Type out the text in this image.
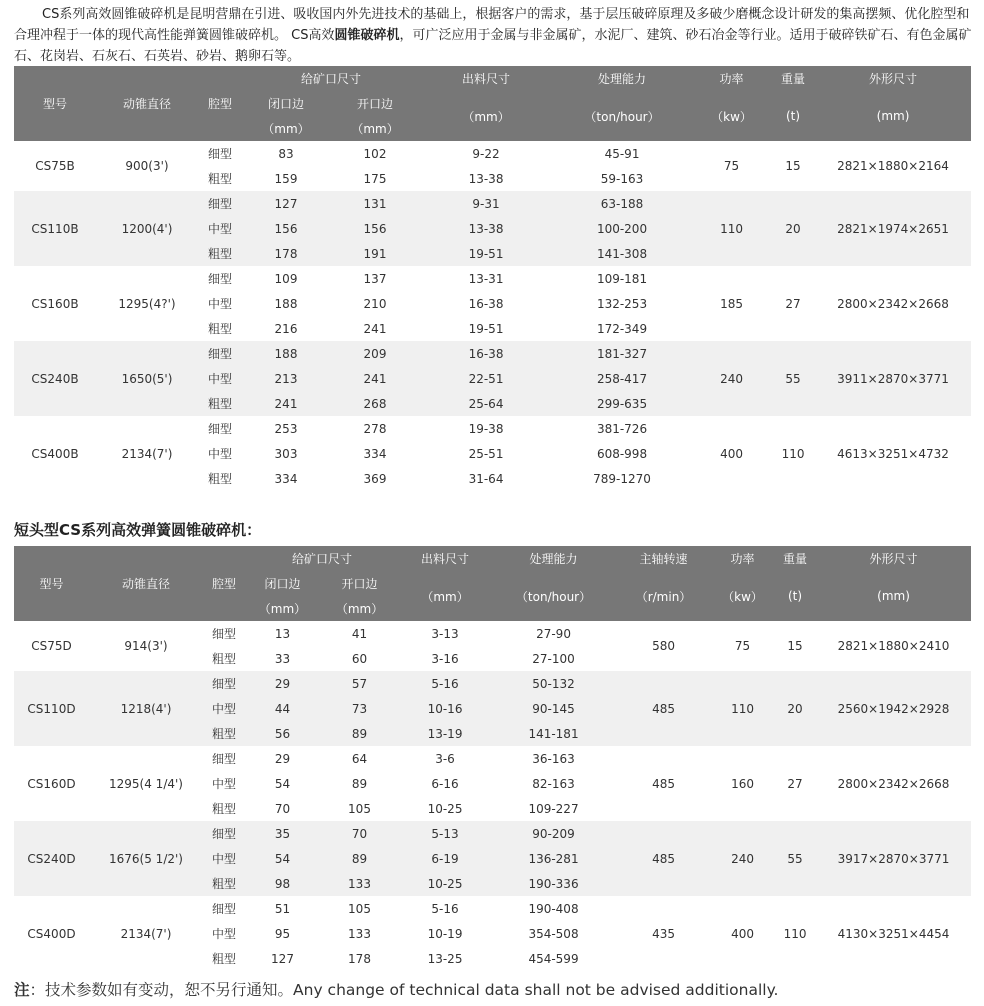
CS系列高效圆锥破碎机是昆明营鼎在引进、吸收国内外先进技术的基础上，根据客户的需求，基于层压破碎原理及多破少磨概念设计研发的集高摆频、优化腔型和合理冲程于一体的现代高性能弹簧圆锥破碎机。 CS高效圆锥破碎机，可广泛应用于金属与非金属矿，水泥厂、建筑、砂石冶金等行业。适用于破碎铁矿石、有色金属矿石、花岗岩、石灰石、石英岩、砂岩、鹅卵石等。
型号	动锥直径	腔型	给矿口尺寸		出料尺寸	处理能力	功率	重量	外形尺寸
			闭口边	开口边	（mm）	（ton/hour）	（kw）	(t)	(mm)
			（mm）	（mm）					
CS75B	900(3')	细型	83	102	9-22	45-91	75	15	2821×1880×2164
		粗型	159	175	13-38	59-163			
CS110B	1200(4')	细型	127	131	9-31	63-188	110	20	2821×1974×2651
		中型	156	156	13-38	100-200			
		粗型	178	191	19-51	141-308			
CS160B	1295(4?')	细型	109	137	13-31	109-181	185	27	2800×2342×2668
		中型	188	210	16-38	132-253			
		粗型	216	241	19-51	172-349			
CS240B	1650(5')	细型	188	209	16-38	181-327	240	55	3911×2870×3771
		中型	213	241	22-51	258-417			
		粗型	241	268	25-64	299-635			
CS400B	2134(7')	细型	253	278	19-38	381-726	400	110	4613×3251×4732
		中型	303	334	25-51	608-998			
		粗型	334	369	31-64	789-1270			
短头型CS系列高效弹簧圆锥破碎机：
型号	动锥直径	腔型	给矿口尺寸		出料尺寸	处理能力	主轴转速	功率	重量	外形尺寸
			闭口边	开口边	（mm）	（ton/hour）	（r/min）	（kw）	(t)	(mm)
			（mm）	（mm）						
CS75D	914(3')	细型	13	41	3-13	27-90	580	75	15	2821×1880×2410
		粗型	33	60	3-16	27-100				
CS110D	1218(4')	细型	29	57	5-16	50-132	485	110	20	2560×1942×2928
		中型	44	73	10-16	90-145				
		粗型	56	89	13-19	141-181				
CS160D	1295(4 1/4')	细型	29	64	3-6	36-163	485	160	27	2800×2342×2668
		中型	54	89	6-16	82-163				
		粗型	70	105	10-25	109-227				
CS240D	1676(5 1/2')	细型	35	70	5-13	90-209	485	240	55	3917×2870×3771
		中型	54	89	6-19	136-281				
		粗型	98	133	10-25	190-336				
CS400D	2134(7')	细型	51	105	5-16	190-408	435	400	110	4130×3251×4454
		中型	95	133	10-19	354-508				
		粗型	127	178	13-25	454-599				
注：技术参数如有变动，恕不另行通知。Any change of technical data shall not be advised additionally.
